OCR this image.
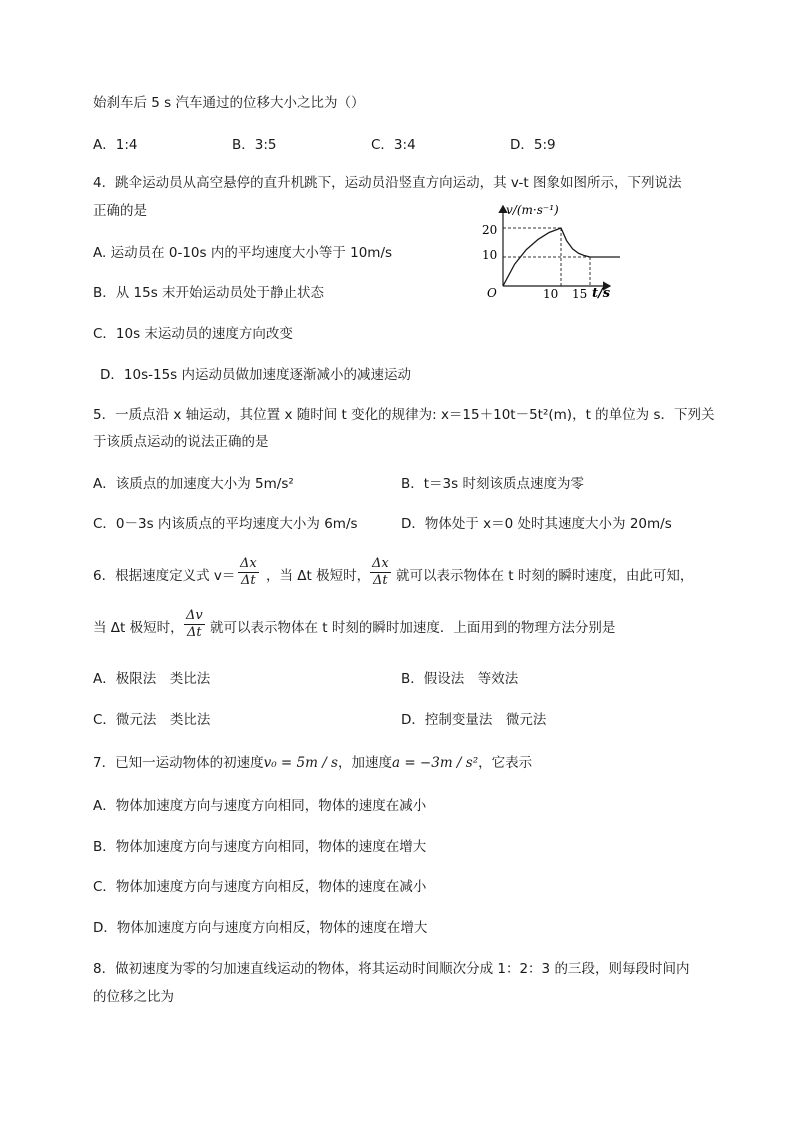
始刹车后 5 s 汽车通过的位移大小之比为（）
A．1:4	B．3:5	C．3:4	D．5:9
4．跳伞运动员从高空悬停的直升机跳下，运动员沿竖直方向运动，其 v-t 图象如图所示，下列说法
正确的是
A. 运动员在 0-10s 内的平均速度大小等于 10m/s
B．从 15s 末开始运动员处于静止状态
C．10s 末运动员的速度方向改变
D．10s-15s 内运动员做加速度逐渐减小的减速运动
v/(m·s⁻¹)
t/s
O
20
10
10 15
5．一质点沿 x 轴运动，其位置 x 随时间 t 变化的规律为: x＝15＋10t－5t²(m)，t 的单位为 s．下列关
于该质点运动的说法正确的是
A．该质点的加速度大小为 5m/s²	B．t＝3s 时刻该质点速度为零
C．0－3s 内该质点的平均速度大小为 6m/s	D．物体处于 x＝0 处时其速度大小为 20m/s
6．根据速度定义式 $v= \frac{\Delta x}{\Delta t}$ ，当 Δt 极短时， $\frac{\Delta x}{\Delta t}$ 就可以表示物体在 t 时刻的瞬时速度，由此可知，
当 Δt 极短时， $\frac{\Delta v}{\Delta t}$ 就可以表示物体在 t 时刻的瞬时加速度．上面用到的物理方法分别是
A．极限法　类比法	B．假设法　等效法
C．微元法　类比法	D．控制变量法　微元法
7．已知一运动物体的初速度v₀ = 5m / s，加速度a = −3m / s²，它表示
A．物体加速度方向与速度方向相同，物体的速度在减小
B．物体加速度方向与速度方向相同，物体的速度在增大
C．物体加速度方向与速度方向相反，物体的速度在减小
D．物体加速度方向与速度方向相反，物体的速度在增大
8．做初速度为零的匀加速直线运动的物体，将其运动时间顺次分成 1：2：3 的三段，则每段时间内
的位移之比为
